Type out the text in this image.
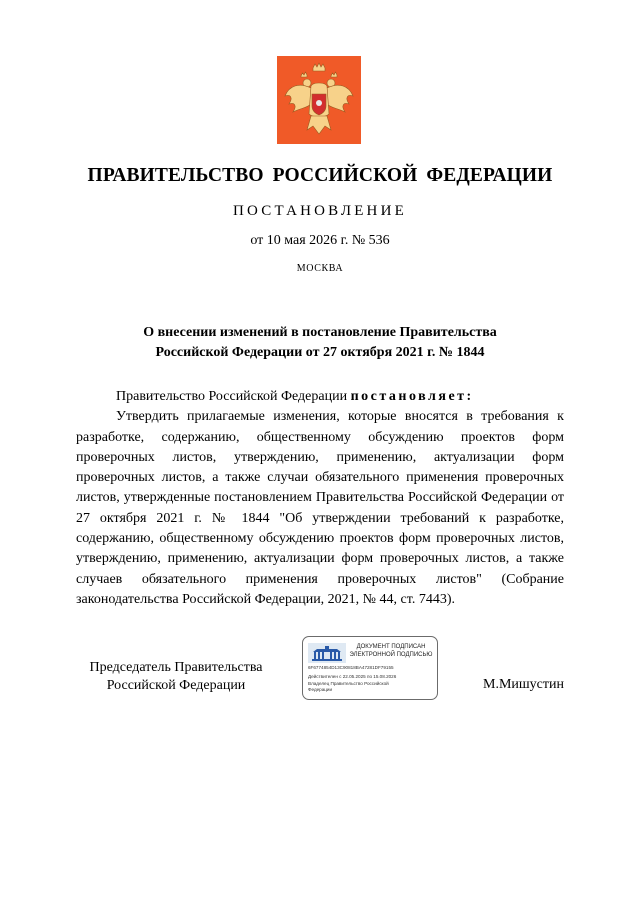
ПРАВИТЕЛЬСТВО РОССИЙСКОЙ ФЕДЕРАЦИИ
ПОСТАНОВЛЕНИЕ
от 10 мая 2026 г. № 536
МОСКВА
О внесении изменений в постановление Правительства
Российской Федерации от 27 октября 2021 г. № 1844

Правительство Российской Федерации постановляет:

Утвердить прилагаемые изменения, которые вносятся в требования к разработке, содержанию, общественному обсуждению проектов форм проверочных листов, утверждению, применению, актуализации форм проверочных листов, а также случаи обязательного применения проверочных листов, утвержденные постановлением Правительства Российской Федерации от 27 октября 2021 г. № 1844 "Об утверждении требований к разработке, содержанию, общественному обсуждению проектов форм проверочных листов, утверждению, применению, актуализации форм проверочных листов, а также случаев обязательного применения проверочных листов" (Собрание законодательства Российской Федерации, 2021, № 44, ст. 7443).

Председатель Правительства
Российской Федерации
ДОКУМЕНТ ПОДПИСАН
ЭЛЕКТРОННОЙ ПОДПИСЬЮ
6F6774854D13C90818BA47281DF79155
Действителен с 22.05.2025 по 15.08.2026
Владелец Правительство Российской
Федерации	М.Мишустин
